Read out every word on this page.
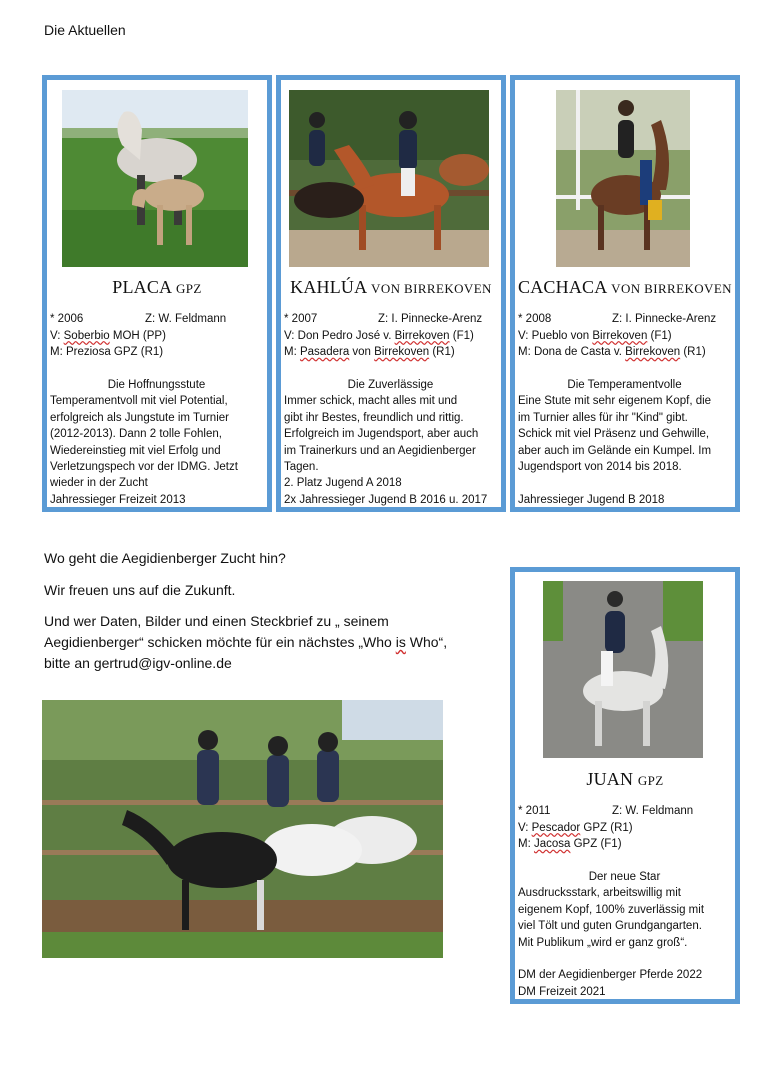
Die Aktuellen
PLACA GPZ
* 2006	Z: W. Feldmann
V: Soberbio MOH (PP)
M: Preziosa GPZ (R1)
Die Hoffnungsstute
Temperamentvoll mit viel Potential,
erfolgreich als Jungstute im Turnier
(2012-2013). Dann 2 tolle Fohlen,
Wiedereinstieg mit viel Erfolg und
Verletzungspech vor der IDMG. Jetzt
wieder in der Zucht
Jahressieger Freizeit 2013
KAHLÚA VON BIRREKOVEN
* 2007	Z: I. Pinnecke-Arenz
V: Don Pedro José v. Birrekoven (F1)
M: Pasadera von Birrekoven (R1)
Die Zuverlässige
Immer schick, macht alles mit und
gibt ihr Bestes, freundlich und rittig.
Erfolgreich im Jugendsport, aber auch
im Trainerkurs und an Aegidienberger
Tagen.
2. Platz Jugend A 2018
2x Jahressieger Jugend B 2016 u. 2017
CACHACA VON BIRREKOVEN
* 2008	Z: I. Pinnecke-Arenz
V: Pueblo von Birrekoven (F1)
M: Dona de Casta v. Birrekoven (R1)
Die Temperamentvolle
Eine Stute mit sehr eigenem Kopf, die
im Turnier alles für ihr "Kind" gibt.
Schick mit viel Präsenz und Gehwille,
aber auch im Gelände ein Kumpel. Im
Jugendsport von 2014 bis 2018.

Jahressieger Jugend B 2018
Wo geht die Aegidienberger Zucht hin?
Wir freuen uns auf die Zukunft.
Und wer Daten, Bilder und einen Steckbrief zu „ seinem
Aegidienberger“ schicken möchte für ein nächstes „Who is Who“,
bitte an gertrud@igv-online.de
JUAN GPZ
* 2011	Z: W. Feldmann
V: Pescador GPZ (R1)
M: Jacosa GPZ (F1)
Der neue Star
Ausdrucksstark, arbeitswillig mit
eigenem Kopf, 100% zuverlässig mit
viel Tölt und guten Grundgangarten.
Mit Publikum „wird er ganz groß“.

DM der Aegidienberger Pferde 2022
DM Freizeit 2021
